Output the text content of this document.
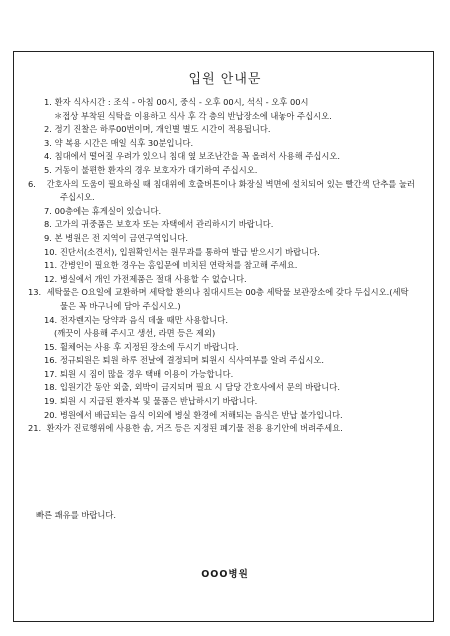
입원 안내문
1. 환자 식사시간 : 조식 - 아침 00시, 중식 - 오후 00시, 석식 - 오후 00시
＊접상 부착된 식탁을 이용하고 식사 후 각 층의 반납장소에 내놓아 주십시오.
2. 정기 진찰은 하루00번이며, 개인별 별도 시간이 적용됩니다.
3. 약 복용 시간은 매일 식후 30분입니다.
4. 침대에서 떨어질 우려가 있으니 침대 옆 보조난간을 꼭 올려서 사용해 주십시오.
5. 거동이 불편한 환자의 경우 보호자가 대기하여 주십시오.
6. 간호사의 도움이 필요하실 때 침대위에 호출버튼이나 화장실 벽면에 설치되어 있는 빨간색 단추를 눌러 주십시오.
7. 00층에는 휴게실이 있습니다.
8. 고가의 귀중품은 보호자 또는 자택에서 관리하시기 바랍니다.
9. 본 병원은 전 지역이 금연구역입니다.
10. 진단서(소견서), 입원확인서는 원무과를 통하여 발급 받으시기 바랍니다.
11. 간병인이 필요한 경우는 홈입문에 비치된 연락처를 참고해 주세요.
12. 병실에서 개인 가전제품은 절대 사용할 수 없습니다.
13. 세탁물은 O요일에 교환하며 세탁할 환의나 침대시트는 00층 세탁물 보관장소에 갖다 두십시오.(세탁물은 꼭 바구니에 담아 주십시오.)
14. 전자렌지는 당약과 음식 데울 때만 사용합니다.
(깨끗이 사용해 주시고 생선, 라면 등은 제외)
15. 휠체어는 사용 후 지정된 장소에 두시기 바랍니다.
16. 정규퇴원은 퇴원 하루 전날에 결정되며 퇴원시 식사여부를 알려 주십시오.
17. 퇴원 시 짐이 많을 경우 택배 이용이 가능합니다.
18. 입원기간 동안 외출, 외박이 금지되며 필요 시 담당 간호사에서 문의 바랍니다.
19. 퇴원 시 지급된 환자복 및 물품은 반납하시기 바랍니다.
20. 병원에서 배급되는 음식 이외에 병실 환경에 저해되는 음식은 반납 불가입니다.
21. 환자가 진료행위에 사용한 솜, 거즈 등은 지정된 폐기물 전용 용기안에 버려주세요.
빠른 쾌유를 바랍니다.
OOO병원
